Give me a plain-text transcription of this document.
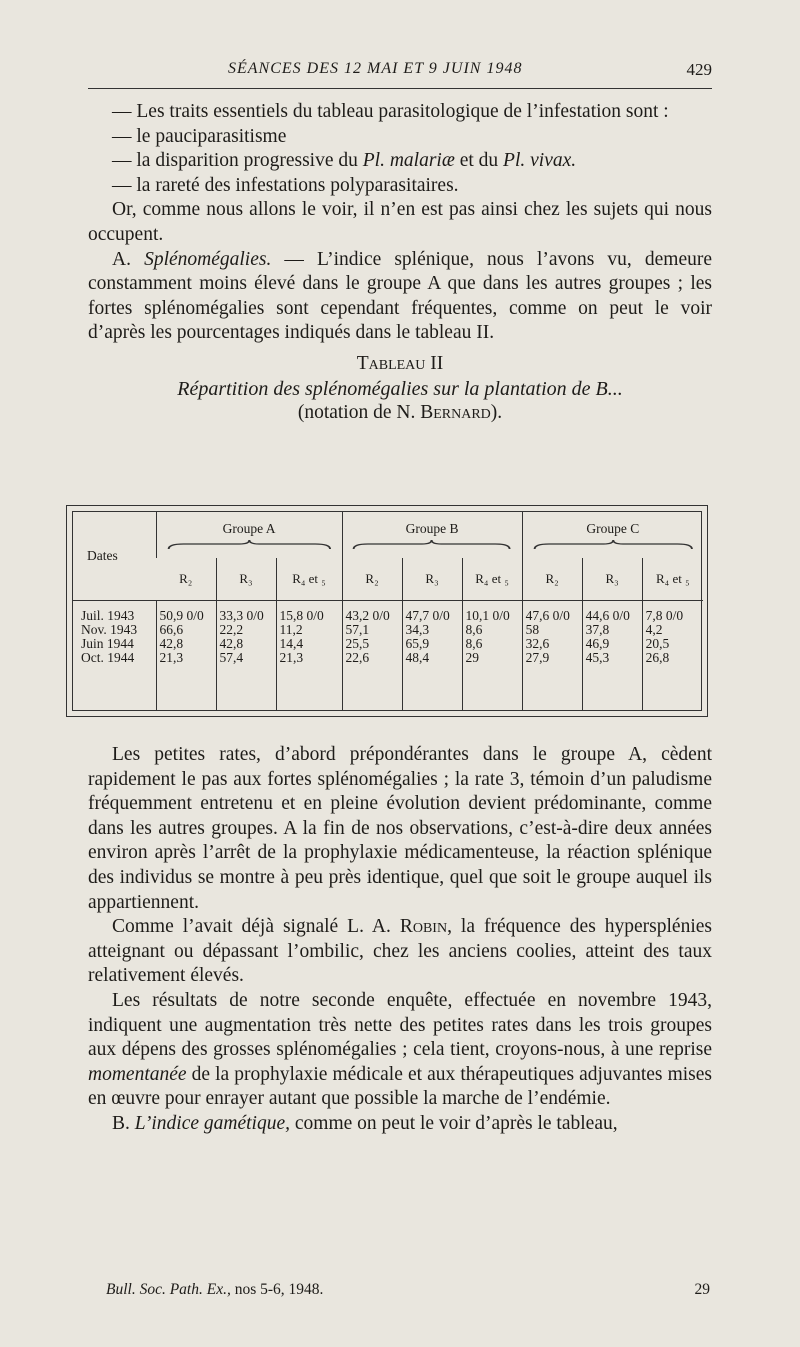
SÉANCES DES 12 MAI ET 9 JUIN 1948	429

— Les traits essentiels du tableau parasitologique de l’infestation sont :

— le pauciparasitisme

— la disparition progressive du Pl. malariæ et du Pl. vivax.

— la rareté des infestations polyparasitaires.

Or, comme nous allons le voir, il n’en est pas ainsi chez les sujets qui nous occupent.

A. Splénomégalies. — L’indice splénique, nous l’avons vu, demeure constamment moins élevé dans le groupe A que dans les autres groupes ; les fortes splénomégalies sont cependant fréquentes, comme on peut le voir d’après les pourcentages indiqués dans le tableau II.

Tableau II

Répartition des splénomégalies sur la plantation de B...

(notation de N. Bernard).

Dates	Groupe A			Groupe B			Groupe C		

	R₂	R₃	R₄ et ₅	R₂	R₃	R₄ et ₅	R₂	R₃	R₄ et ₅

Juil. 1943	50,9 0/0	33,3 0/0	15,8 0/0	43,2 0/0	47,7 0/0	10,1 0/0	47,6 0/0	44,6 0/0	7,8 0/0
Nov. 1943	66,6	22,2	11,2	57,1	34,3	8,6	58	37,8	4,2
Juin 1944	42,8	42,8	14,4	25,5	65,9	8,6	32,6	46,9	20,5
Oct. 1944	21,3	57,4	21,3	22,6	48,4	29	27,9	45,3	26,8

Les petites rates, d’abord prépondérantes dans le groupe A, cèdent rapidement le pas aux fortes splénomégalies ; la rate 3, témoin d’un paludisme fréquemment entretenu et en pleine évolution devient prédominante, comme dans les autres groupes. A la fin de nos observations, c’est-à-dire deux années environ après l’arrêt de la prophylaxie médicamenteuse, la réaction splénique des individus se montre à peu près identique, quel que soit le groupe auquel ils appartiennent.

Comme l’avait déjà signalé L. A. Robin, la fréquence des hypersplénies atteignant ou dépassant l’ombilic, chez les anciens coolies, atteint des taux relativement élevés.

Les résultats de notre seconde enquête, effectuée en novembre 1943, indiquent une augmentation très nette des petites rates dans les trois groupes aux dépens des grosses splénomégalies ; cela tient, croyons-nous, à une reprise momentanée de la prophylaxie médicale et aux thérapeutiques adjuvantes mises en œuvre pour enrayer autant que possible la marche de l’endémie.

B. L’indice gamétique, comme on peut le voir d’après le tableau,

Bull. Soc. Path. Ex., nos 5-6, 1948.	29
